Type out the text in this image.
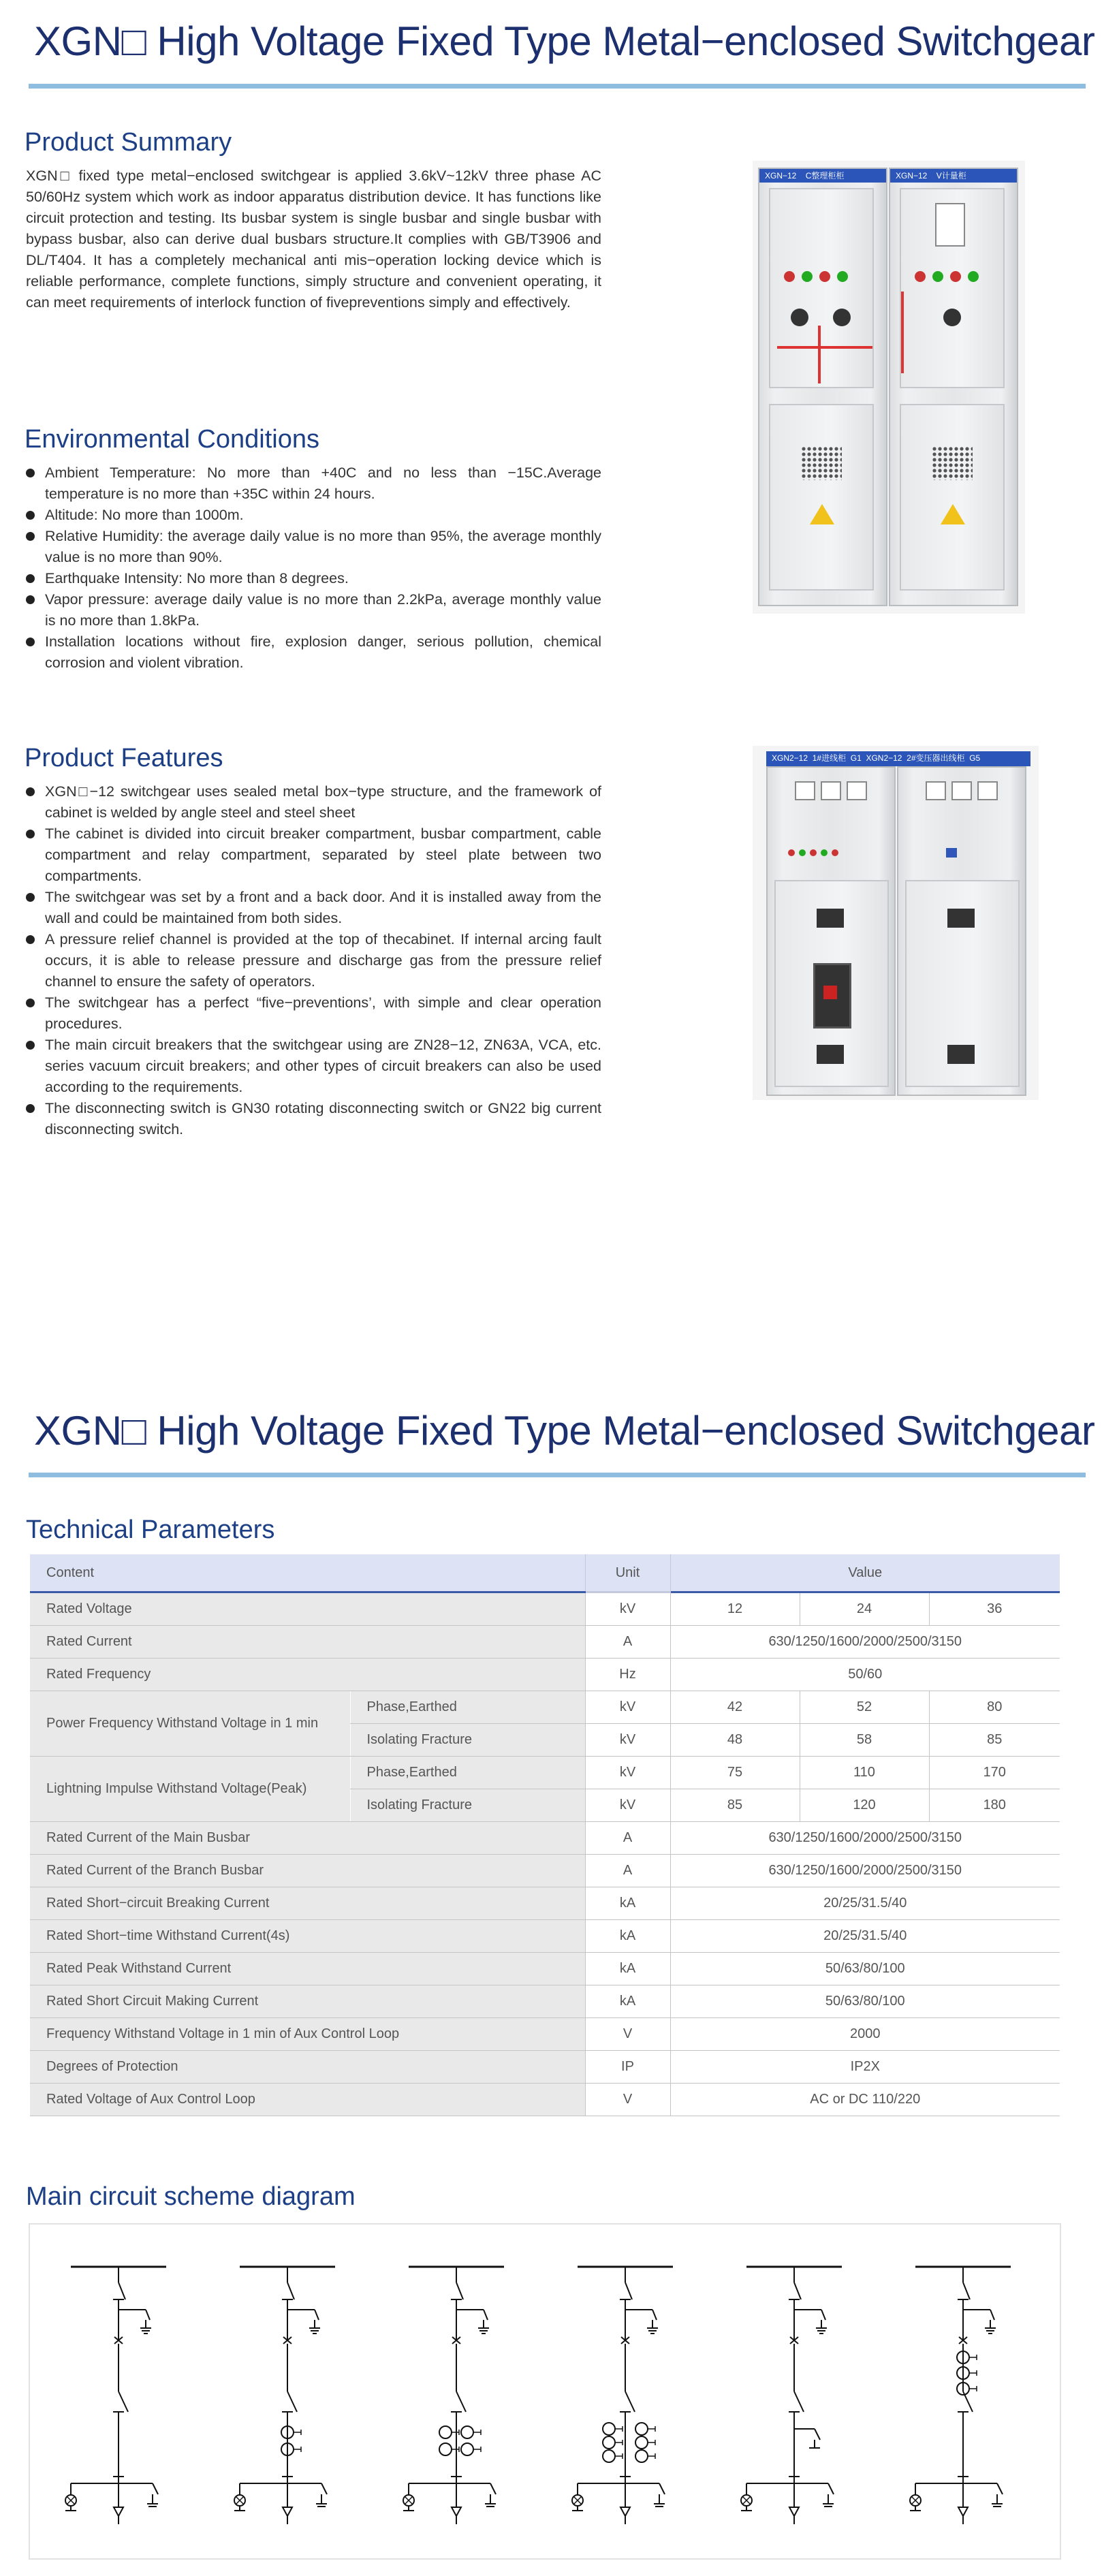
XGN□ High Voltage Fixed Type Metal−enclosed Switchgear
Product Summary
XGN□ fixed type metal−enclosed switchgear is applied 3.6kV~12kV three phase AC 50/60Hz system which work as indoor apparatus distribution device. It has functions like circuit protection and testing. Its busbar system is single busbar and single busbar with bypass busbar, also can derive dual busbars structure.It complies with GB/T3906 and DL/T404. It has a completely mechanical anti mis−operation locking device which is reliable performance, complete functions, simply structure and convenient operating, it can meet requirements of interlock function of fivepreventions simply and effectively.
Environmental Conditions
Ambient Temperature: No more than +40C and no less than −15C.Average temperature is no more than +35C within 24 hours.
Altitude: No more than 1000m.
Relative Humidity: the average daily value is no more than 95%, the average monthly value is no more than 90%.
Earthquake Intensity: No more than 8 degrees.
Vapor pressure: average daily value is no more than 2.2kPa, average monthly value is no more than 1.8kPa.
Installation locations without fire, explosion danger, serious pollution, chemical corrosion and violent vibration.
XGN−12 C整理柜柜	XGN−12 V计量柜
Product Features
XGN□−12 switchgear uses sealed metal box−type structure, and the framework of cabinet is welded by angle steel and steel sheet
The cabinet is divided into circuit breaker compartment, busbar compartment, cable compartment and relay compartment, separated by steel plate between two compartments.
The switchgear was set by a front and a back door. And it is installed away from the wall and could be maintained from both sides.
A pressure relief channel is provided at the top of thecabinet. If internal arcing fault occurs, it is able to release pressure and discharge gas from the pressure relief channel to ensure the safety of operators.
The switchgear has a perfect “five−preventions’, with simple and clear operation procedures.
The main circuit breakers that the switchgear using are ZN28−12, ZN63A, VCA, etc. series vacuum circuit breakers; and other types of circuit breakers can also be used according to the requirements.
The disconnecting switch is GN30 rotating disconnecting switch or GN22 big current disconnecting switch.
XGN2−12 1#进线柜 G1 XGN2−12 2#变压器出线柜 G5
XGN□ High Voltage Fixed Type Metal−enclosed Switchgear
Technical Parameters
Content		Unit	Value		
Rated Voltage		kV	12	24	36
Rated Current		A	630/1250/1600/2000/2500/3150		
Rated Frequency		Hz	50/60		
Power Frequency Withstand Voltage in 1 min	Phase,Earthed	kV	42	52	80
	Isolating Fracture	kV	48	58	85
Lightning Impulse Withstand Voltage(Peak)	Phase,Earthed	kV	75	110	170
	Isolating Fracture	kV	85	120	180
Rated Current of the Main Busbar		A	630/1250/1600/2000/2500/3150		
Rated Current of the Branch Busbar		A	630/1250/1600/2000/2500/3150		
Rated Short−circuit Breaking Current		kA	20/25/31.5/40		
Rated Short−time Withstand Current(4s)		kA	20/25/31.5/40		
Rated Peak Withstand Current		kA	50/63/80/100		
Rated Short Circuit Making Current		kA	50/63/80/100		
Frequency Withstand Voltage in 1 min of Aux Control Loop		V	2000		
Degrees of Protection		IP	IP2X		
Rated Voltage of Aux Control Loop		V	AC or DC 110/220		
Main circuit scheme diagram
